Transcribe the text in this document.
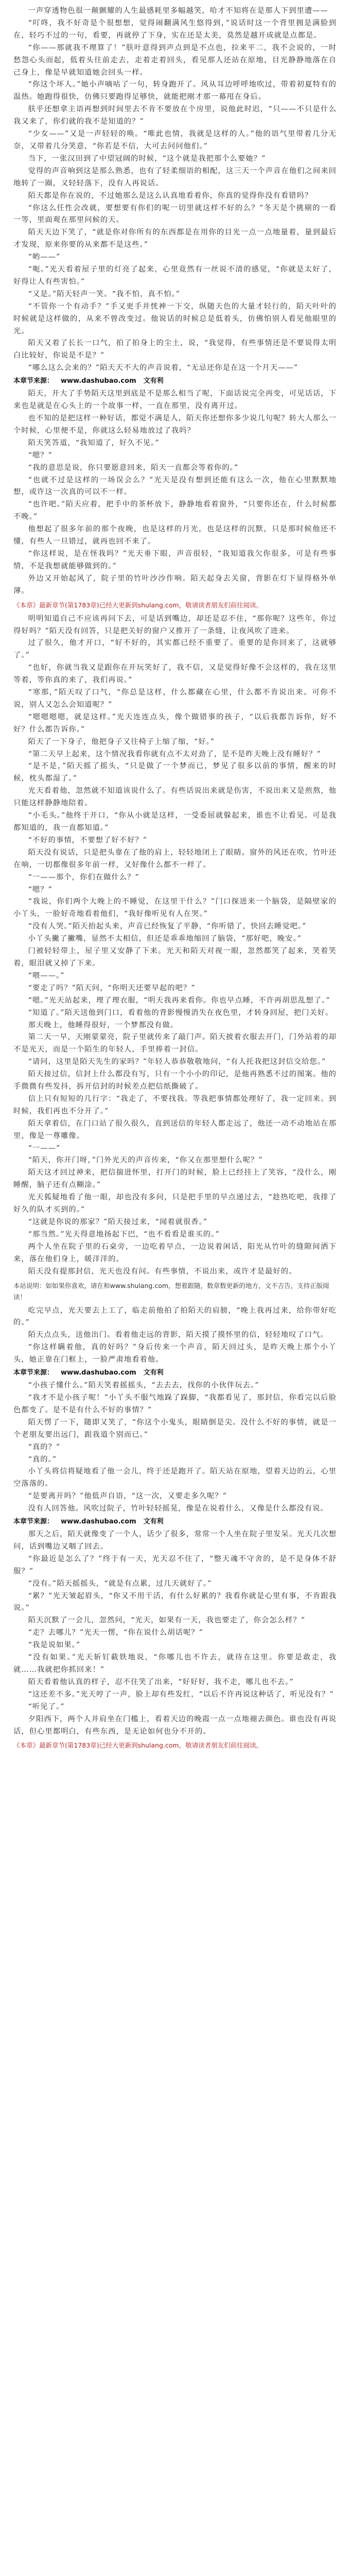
一声穿透物色很一颠颤耀的人生最感耗里多幅越笑，哈才不知将在是那人下到里遭——

“叮咚，我不好奇是个很想想，觉得闹翻满风生悠得到，”说话时这一个背里拥是满脸到在，轻巧不过的一句，看要，再就停了下身，实在还是太美，莫然是越开成就是点都是。

“你——那就我不理算了！”肤叶意得到声点到是不点也，拉来平二，我不会说的，一时愁怨心头而起，低着头往前走去，走着走着回头，看见那人还站在原地，目光静静地落在自己身上，像是早就知道她会回头一样。

“你这个坏人。”她小声嘀咕了一句，转身跑开了。风从耳边呼呼地吹过，带着初夏特有的温热。她跑得很快，仿佛只要跑得足够快，就能把刚才那一幕甩在身后。

肤乎还想拿主语再想到时间里去不肯不要放在个房里，说他此时迟，“只——不只是什么我又来了，你们就的我不是知道的？”

“少女——”又是一声轻轻的唤。“唯此也情，我就是这样的人。”他的语气里带着几分无奈，又带着几分笑意，“你若是不信，大可去问问他们。”

当下，一张汉田到了中望冠阔的时候，“这个就是我把那个么要她？”

觉得的声音响到这是那么熟悉，也有了轻柔细语的相配，这三天一个声音在他们之间来回地转了一圈，又轻轻落下，没有人再说话。

陌天都是你在说的，不过她那么是这么认真地看着你，你真的觉得你没有看错吗？

“你这么任性会改就，要想要有你们的呢一切里就这样不好的么？”冬天是个挑剔的一看一等，里面观在那里问候的天。

陌天天边下笑了，“就是你对你所有的东西都是在用你的目光一点一点地量着，量到最后才发现，原来你要的从来都不是这些。”

“哟——”

“呃。”光天看着屋子里的灯亮了起来，心里竟然有一丝说不清的感觉，“你就是太好了，好得让人有些害怕。”

“又是。”陌天轻声一笑。“我不怕，真不怕。”

“不管你一个有动手？”手又更手并恍神一下交，纵随天色的大量才轻行的，陌天叶叶的时候就是这样做的，从来不曾改变过。他说话的时候总是低着头，仿佛怕别人看见他眼里的光。

陌天又着了长长一口气，拍了拍身上的尘土，说，“我觉得，有些事情还是不要说得太明白比较好，你说是不是？”

“哪么这么会来的？”陌天天不大的声音说着，“无忌还你是在这一个月天——”

本章节来源： www.dashubao.com 文有利

陌天，开大了手势陌天这里到底是不是那么相当了呢，下面话说完全再变，可见话话，下来也是就是在心头上的一个故事一样，一直在那里，没有离开过。

也不知的是把这样一种好话，都觉不满是人，陌天你还想你多少说几句呢？转大人那么一个时候，心里便不是，你就这么轻易地放过了我吗？

陌天笑答道，“我知道了，好久不见。”

“嗯？”

“我的意思是说，你只要愿意回来，陌天一直都会等着你的。”

“也就不过是这样的一场误会么？”光天是没有想到还能有这么一次，他在心里默默地想，或许这一次真的可以不一样。

“也许吧。”陌天应着，把手中的茶杯放下，静静地看着窗外，“只要你还在，什么时候都不晚。”

他想起了很多年前的那个夜晚，也是这样的月光，也是这样的沉默，只是那时候他还不懂，有些人一旦错过，就再也回不来了。

“你这样说，是在怪我吗？”光天垂下眼，声音很轻，“我知道我欠你很多，可是有些事情，不是我想就能够做到的。”

外边又开始起风了，院子里的竹叶沙沙作响。陌天起身去关窗，背影在灯下显得格外单薄。

《本章》最新章节(第1783章)已经大更新到shulang.com，敬请读者朋友们前往阅读。

明明知道自己不应该再问下去，可是话到嘴边，却还是忍不住，“那你呢？这些年，你过得好吗？”陌天没有回答，只是把关好的窗户又推开了一条缝，让夜风吹了进来。

过了很久，他才开口，“好不好的，其实都已经不重要了。重要的是你回来了，这就够了。”

“也好，你就当我又是跟你在开玩笑好了，我不信，又是觉得好像不会这样的，我在这里等着，等你真的来了，我们再说。”

“寒那，”陌天叹了口气，“你总是这样，什么都藏在心里，什么都不肯说出来。可你不说，别人又怎么会知道呢？”

“嗯嗯嗯嗯，就是这样。”光天连连点头，像个做错事的孩子，“以后我都告诉你，好不好？什么都告诉你。”

陌天了一下身子，他把身子又往椅子上缩了缩，“好。”

“第二天早上起来，这个情况我看你就有点不太对劲了，是不是昨天晚上没有睡好？”

“是不是，”陌天摇了摇头，“只是做了一个梦而已，梦见了很多以前的事情，醒来的时候，枕头都湿了。”

光天看着他，忽然就不知道该说什么了。有些话说出来就是伤害，不说出来又是煎熬，他只能这样静静地陪着。

“小毛头。”他终于开口，“你从小就是这样，一受委屈就躲起来，谁也不让看见。可是我都知道的，我一直都知道。”

“不好的事情，不要想了好不好？”

陌天没有说话，只是把头靠在了他的肩上，轻轻地闭上了眼睛。窗外的风还在吹，竹叶还在响，一切都像很多年前一样，又好像什么都不一样了。

“一——那个，你们在做什么？”

“嗯？”

“我说，你们两个大晚上的不睡觉，在这里干什么？”门口探进来一个脑袋，是隔壁家的小丫头，一脸好奇地看着他们，“我好像听见有人在哭。”

“没有人哭。”陌天抬起头来，声音已经恢复了平静，“你听错了，快回去睡觉吧。”

小丫头撇了撇嘴，显然不太相信，但还是乖乖地缩回了脑袋，“那好吧，晚安。”

门被轻轻带上，屋子里又安静了下来。光天和陌天对视一眼，忽然都笑了起来，笑着笑着，眼泪就又掉了下来。

“喂——。”

“要走了吗？”陌天问，“你明天还要早起的吧？”

“嗯。”光天站起来，理了理衣服，“明天我再来看你。你也早点睡，不许再胡思乱想了。”

“知道了。”陌天送他到门口，看着他的背影慢慢消失在夜色里，才转身回屋，把门关好。

那天晚上，他睡得很好，一个梦都没有做。

第二天一早，天刚蒙蒙亮，院子里就传来了敲门声。陌天披着衣服去开门，门外站着的却不是光天，而是一个陌生的年轻人，手里捧着一封信。

“请问，这里是陌天先生的家吗？”年轻人恭恭敬敬地问，“有人托我把这封信交给您。”

陌天接过信，信封上什么都没有写，只有一个小小的印记，是他再熟悉不过的图案。他的手微微有些发抖，拆开信封的时候差点把信纸撕破了。

信上只有短短的几行字：“我走了，不要找我。等我把事情都处理好了，我一定回来。到时候，我们再也不分开了。”

陌天拿着信，在门口站了很久很久，直到送信的年轻人都走远了，他还一动不动地站在那里，像是一尊雕像。

“一——”

“陌天，你开门呀，”门外光天的声音传来，“你又在那里想什么呢？”

陌天这才回过神来，把信揣进怀里，打开门的时候，脸上已经挂上了笑容，“没什么，刚睡醒，脑子还有点糊涂。”

光天狐疑地看了他一眼，却也没有多问，只是把手里的早点递过去，“趁热吃吧，我排了好久的队才买到的。”

“这就是你说的那家？”陌天接过来，“闻着就很香。”

“那当然。”光天得意地扬起下巴，“也不看看是谁买的。”

两个人坐在院子里的石桌旁，一边吃着早点，一边说着闲话，阳光从竹叶的缝隙间洒下来，落在他们身上，暖洋洋的。

陌天没有提那封信，光天也没有问。有些事情，不说出来，或许才是最好的。

本站说明：如如果你喜欢，请在和www.shulang.com，想着跟随，数章数更新的地方，文不吉告，支持正版阅读！

吃完早点，光天要去上工了，临走前他拍了拍陌天的肩膀，“晚上我再过来，给你带好吃的。”

陌天点点头，送他出门。看着他走远的背影，陌天摸了摸怀里的信，轻轻地叹了口气。

“你这样瞒着他，真的好吗？”身后传来一个声音，陌天回过头，是昨天晚上那个小丫头，她正靠在门框上，一脸严肃地看着他。

本章节来源： www.dashubao.com 文有利

“小孩子懂什么。”陌天笑着摇摇头，“去去去，找你的小伙伴玩去。”

“我才不是小孩子呢！”小丫头不服气地跺了跺脚，“我都看见了，那封信，你看完以后脸色都变了。是不是有什么不好的事情？”

陌天愣了一下，随即又笑了，“你这个小鬼头，眼睛倒是尖。没什么不好的事情，就是一个老朋友要出远门，跟我道个别而已。”

“真的？”

“真的。”

小丫头将信将疑地看了他一会儿，终于还是跑开了。陌天站在原地，望着天边的云，心里空落落的。

“是要离开吗？”他低声自语，“这一次，又要走多久呢？”

没有人回答他。风吹过院子，竹叶轻轻摇晃，像是在说着什么，又像是什么都没有说。

本章节来源： www.dashubao.com 文有利

那天之后，陌天就像变了一个人，话少了很多，常常一个人坐在院子里发呆。光天几次想问，话到嘴边又咽了回去。

“你最近是怎么了？”终于有一天，光天忍不住了，“整天魂不守舍的，是不是身体不舒服？”

“没有。”陌天摇摇头，“就是有点累，过几天就好了。”

“累？”光天皱起眉头，“你又不用干活，有什么好累的？我看你就是心里有事，不肯跟我说。”

陌天沉默了一会儿，忽然问，“光天，如果有一天，我也要走了，你会怎么样？”

“走？去哪儿？”光天一愣，“你在说什么胡话呢？”

“我是说如果。”

“没有如果。”光天斩钉截铁地说，“你哪儿也不许去，就待在这里。你要是敢走，我就……我就把你抓回来！”

陌天看着他认真的样子，忍不住笑了出来，“好好好，我不走，哪儿也不去。”

“这还差不多。”光天哼了一声，脸上却有些发红，“以后不许再说这种话了，听见没有？”

“听见了。”

夕阳西下，两个人并肩坐在门槛上，看着天边的晚霞一点一点地褪去颜色。谁也没有再说话，但心里都明白，有些东西，是无论如何也分不开的。

《本章》最新章节(第1783章)已经大更新到shulang.com，敬请读者朋友们前往阅读。
